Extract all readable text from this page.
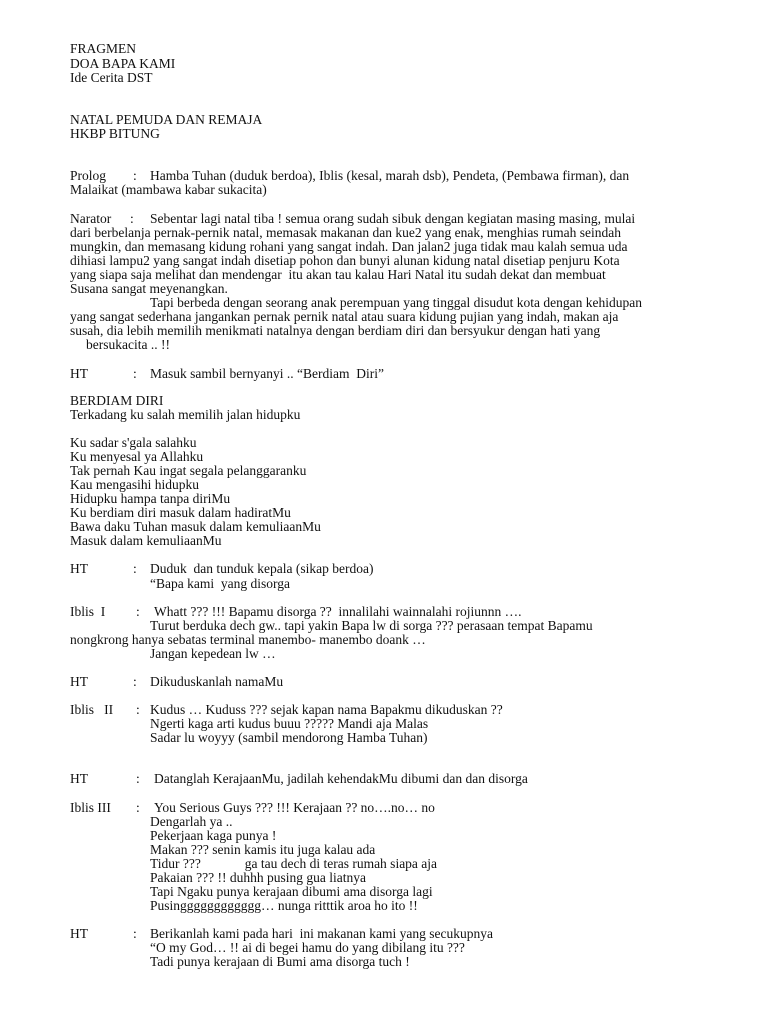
FRAGMEN
DOA BAPA KAMI
Ide Cerita DST
NATAL PEMUDA DAN REMAJA
HKBP BITUNG
Prolog : Hamba Tuhan (duduk berdoa), Iblis (kesal, marah dsb), Pendeta, (Pembawa firman), dan
Malaikat (mambawa kabar sukacita)
Narator : Sebentar lagi natal tiba ! semua orang sudah sibuk dengan kegiatan masing masing, mulai
dari berbelanja pernak-pernik natal, memasak makanan dan kue2 yang enak, menghias rumah seindah
mungkin, dan memasang kidung rohani yang sangat indah. Dan jalan2 juga tidak mau kalah semua uda
dihiasi lampu2 yang sangat indah disetiap pohon dan bunyi alunan kidung natal disetiap penjuru Kota
yang siapa saja melihat dan mendengar  itu akan tau kalau Hari Natal itu sudah dekat dan membuat
Susana sangat meyenangkan.
Tapi berbeda dengan seorang anak perempuan yang tinggal disudut kota dengan kehidupan
yang sangat sederhana jangankan pernak pernik natal atau suara kidung pujian yang indah, makan aja
susah, dia lebih memilih menikmati natalnya dengan berdiam diri dan bersyukur dengan hati yang
bersukacita .. !!
HT	: Masuk sambil bernyanyi .. “Berdiam  Diri”
BERDIAM DIRI
Terkadang ku salah memilih jalan hidupku
Ku sadar s'gala salahku
Ku menyesal ya Allahku
Tak pernah Kau ingat segala pelanggaranku
Kau mengasihi hidupku
Hidupku hampa tanpa diriMu
Ku berdiam diri masuk dalam hadiratMu
Bawa daku Tuhan masuk dalam kemuliaanMu
Masuk dalam kemuliaanMu
HT	: Duduk  dan tunduk kepala (sikap berdoa)
“Bapa kami  yang disorga
Iblis  I : Whatt ??? !!! Bapamu disorga ??  innalilahi wainnalahi rojiunnn ….
Turut berduka dech gw.. tapi yakin Bapa lw di sorga ??? perasaan tempat Bapamu
nongkrong hanya sebatas terminal manembo- manembo doank …
Jangan kepedean lw …
HT	: Dikuduskanlah namaMu
Iblis   II : Kudus … Kuduss ??? sejak kapan nama Bapakmu dikuduskan ??
Ngerti kaga arti kudus buuu ????? Mandi aja Malas
Sadar lu woyyy (sambil mendorong Hamba Tuhan)
HT	: Datanglah KerajaanMu, jadilah kehendakMu dibumi dan dan disorga
Iblis III : You Serious Guys ??? !!! Kerajaan ?? no….no… no
Dengarlah ya ..
Pekerjaan kaga punya !
Makan ??? senin kamis itu juga kalau ada
Tidur ???             ga tau dech di teras rumah siapa aja
Pakaian ??? !! duhhh pusing gua liatnya
Tapi Ngaku punya kerajaan dibumi ama disorga lagi
Pusingggggggggggg… nunga ritttik aroa ho ito !!
HT	: Berikanlah kami pada hari  ini makanan kami yang secukupnya
“O my God… !! ai di begei hamu do yang dibilang itu ???
Tadi punya kerajaan di Bumi ama disorga tuch !
